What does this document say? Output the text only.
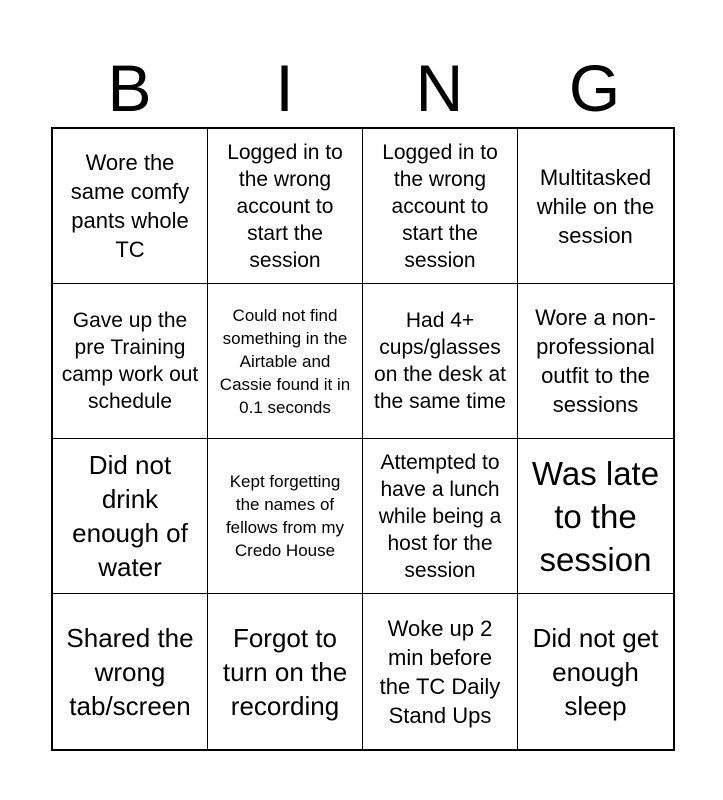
B	I	N	G
Wore the same comfy pants whole TC
Logged in to the wrong account to start the session
Logged in to the wrong account to start the session
Multitasked while on the session
Gave up the pre Training camp work out schedule
Could not find something in the Airtable and Cassie found it in 0.1 seconds
Had 4+ cups/glasses on the desk at the same time
Wore a non-professional outfit to the sessions
Did not drink enough of water
Kept forgetting the names of fellows from my Credo House
Attempted to have a lunch while being a host for the session
Was late to the session
Shared the wrong tab/screen
Forgot to turn on the recording
Woke up 2 min before the TC Daily Stand Ups
Did not get enough sleep
